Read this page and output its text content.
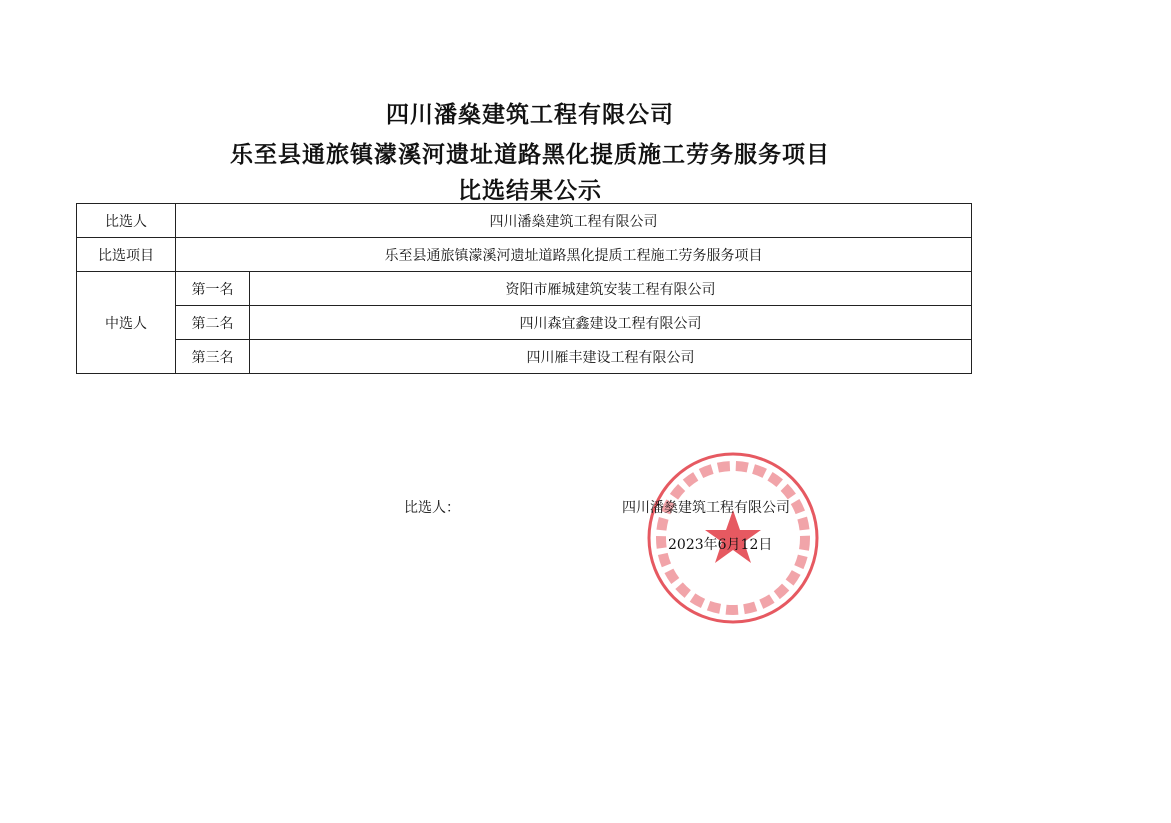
四川潘燊建筑工程有限公司
乐至县通旅镇濛溪河遗址道路黑化提质施工劳务服务项目
比选结果公示
比选人	四川潘燊建筑工程有限公司	
比选项目	乐至县通旅镇濛溪河遗址道路黑化提质工程施工劳务服务项目	
中选人	第一名	资阳市雁城建筑安装工程有限公司
	第二名	四川森宜鑫建设工程有限公司
	第三名	四川雁丰建设工程有限公司
比选人：	四川潘燊建筑工程有限公司
2023年6月12日
